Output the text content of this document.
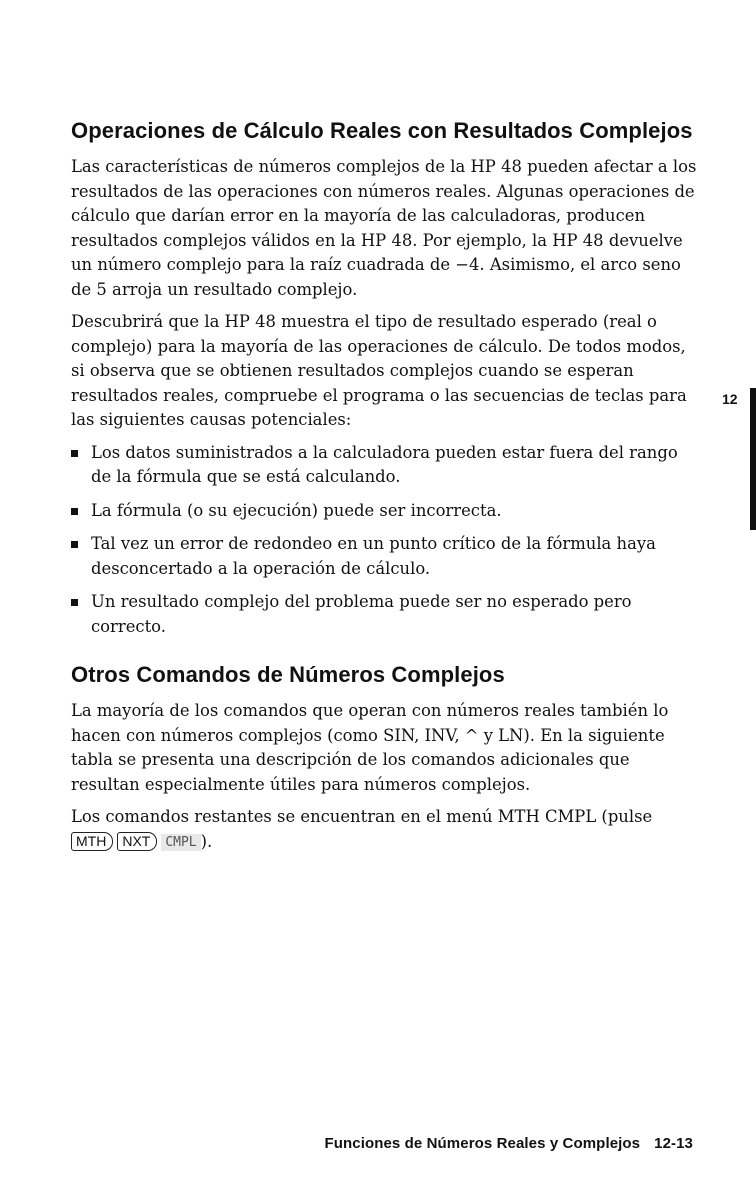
Operaciones de Cálculo Reales con Resultados Complejos

Las características de números complejos de la HP 48 pueden afectar a los resultados de las operaciones con números reales. Algunas operaciones de cálculo que darían error en la mayoría de las calculadoras, producen resultados complejos válidos en la HP 48. Por ejemplo, la HP 48 devuelve un número complejo para la raíz cuadrada de −4. Asimismo, el arco seno de 5 arroja un resultado complejo.

Descubrirá que la HP 48 muestra el tipo de resultado esperado (real o complejo) para la mayoría de las operaciones de cálculo. De todos modos, si observa que se obtienen resultados complejos cuando se esperan resultados reales, compruebe el programa o las secuencias de teclas para las siguientes causas potenciales:

Los datos suministrados a la calculadora pueden estar fuera del rango de la fórmula que se está calculando.
La fórmula (o su ejecución) puede ser incorrecta.
Tal vez un error de redondeo en un punto crítico de la fórmula haya desconcertado a la operación de cálculo.
Un resultado complejo del problema puede ser no esperado pero correcto.
Otros Comandos de Números Complejos

La mayoría de los comandos que operan con números reales también lo hacen con números complejos (como SIN, INV, ^ y LN). En la siguiente tabla se presenta una descripción de los comandos adicionales que resultan especialmente útiles para números complejos.

Los comandos restantes se encuentran en el menú MTH CMPL (pulse
MTH NXT CMPL ).

12
Funciones de Números Reales y Complejos 12-13
